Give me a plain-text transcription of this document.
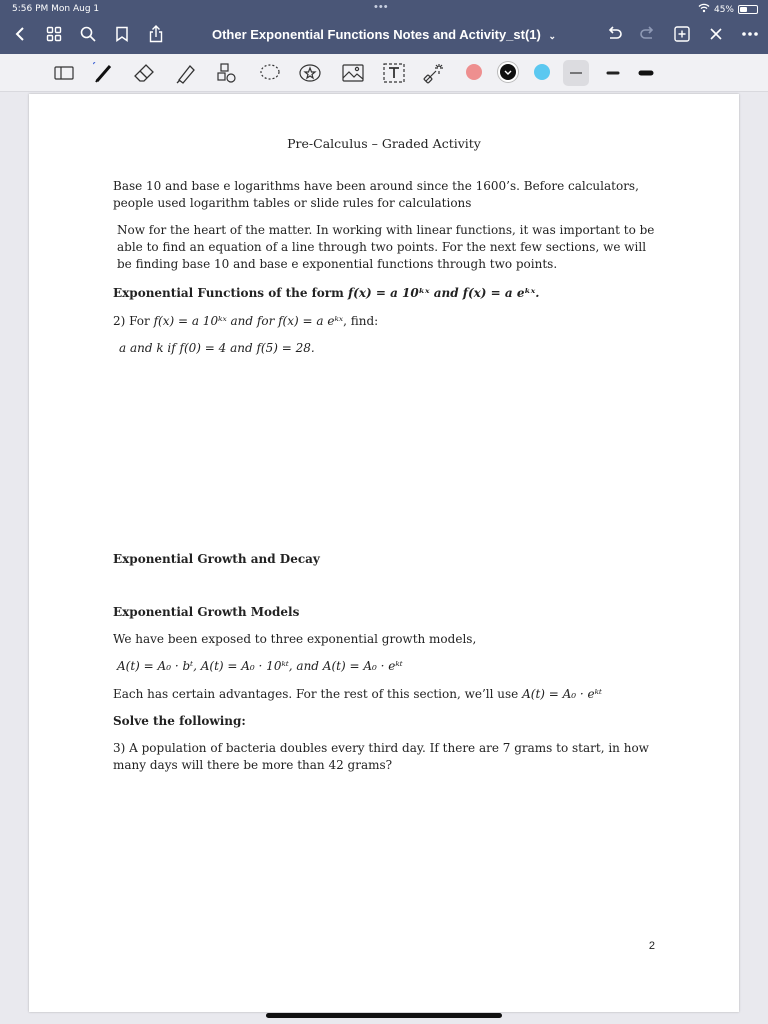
5:56 PM Mon Aug 1	•••	45%
Other Exponential Functions Notes and Activity_st(1) ⌄
Pre-Calculus – Graded Activity
Base 10 and base e logarithms have been around since the 1600’s. Before calculators, people used logarithm tables or slide rules for calculations
Now for the heart of the matter. In working with linear functions, it was important to be able to find an equation of a line through two points. For the next few sections, we will be finding base 10 and base e exponential functions through two points.
Exponential Functions of the form f(x) = a 10ᵏˣ and f(x) = a eᵏˣ.
2) For f(x) = a 10ᵏˣ and for f(x) = a eᵏˣ, find:
a and k if f(0) = 4 and f(5) = 28.
Exponential Growth and Decay
Exponential Growth Models
We have been exposed to three exponential growth models,
A(t) = A₀ · bᵗ, A(t) = A₀ · 10ᵏᵗ, and A(t) = A₀ · eᵏᵗ
Each has certain advantages. For the rest of this section, we’ll use A(t) = A₀ · eᵏᵗ
Solve the following:
3) A population of bacteria doubles every third day. If there are 7 grams to start, in how many days will there be more than 42 grams?
2
